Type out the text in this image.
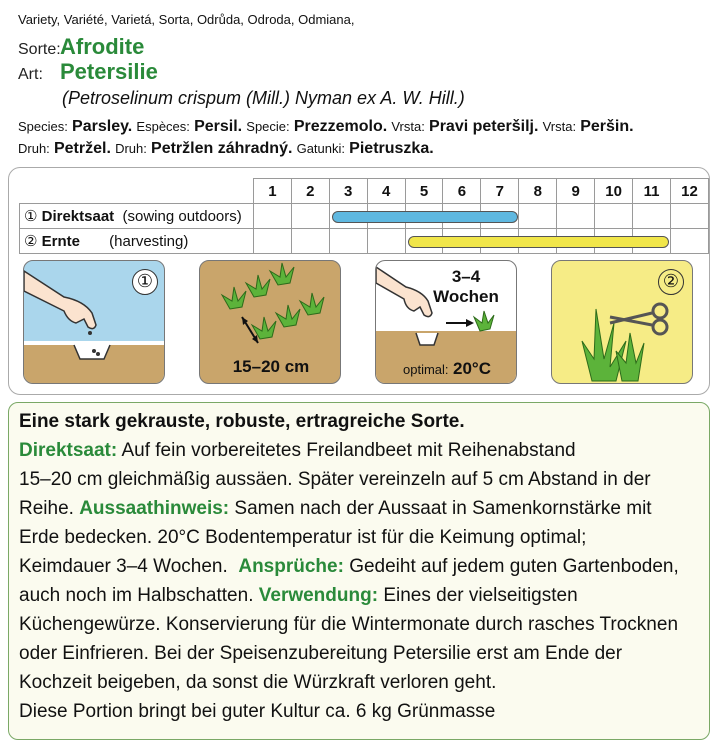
Variety, Variété, Varietá, Sorta, Odrůda, Odroda, Odmiana,
Sorte: Afrodite
Art: Petersilie
(Petroselinum crispum (Mill.) Nyman ex A. W. Hill.)
Species: Parsley. Espèces: Persil. Specie: Prezzemolo. Vrsta: Pravi peteršilj. Vrsta: Peršin.
Druh: Petržel. Druh: Petržlen záhradný. Gatunki: Pietruszka.
	1	2	3	4	5	6	7	8	9	10	11	12
① Direktsaat (sowing outdoors)												
② Ernte (harvesting)												
①
15–20 cm
3–4
Wochen
optimal: 20°C
②

Eine stark gekrauste, robuste, ertragreiche Sorte.

Direktsaat: Auf fein vorbereitetes Freilandbeet mit Reihenabstand

15–20 cm gleichmäßig aussäen. Später vereinzeln auf 5 cm Abstand in der

Reihe. Aussaathinweis: Samen nach der Aussaat in Samenkornstärke mit

Erde bedecken. 20°C Bodentemperatur ist für die Keimung optimal;

Keimdauer 3–4 Wochen.  Ansprüche: Gedeiht auf jedem guten Gartenboden,

auch noch im Halbschatten. Verwendung: Eines der vielseitigsten

Küchengewürze. Konservierung für die Wintermonate durch rasches Trocknen

oder Einfrieren. Bei der Speisenzubereitung Petersilie erst am Ende der

Kochzeit beigeben, da sonst die Würzkraft verloren geht.

Diese Portion bringt bei guter Kultur ca. 6 kg Grünmasse
